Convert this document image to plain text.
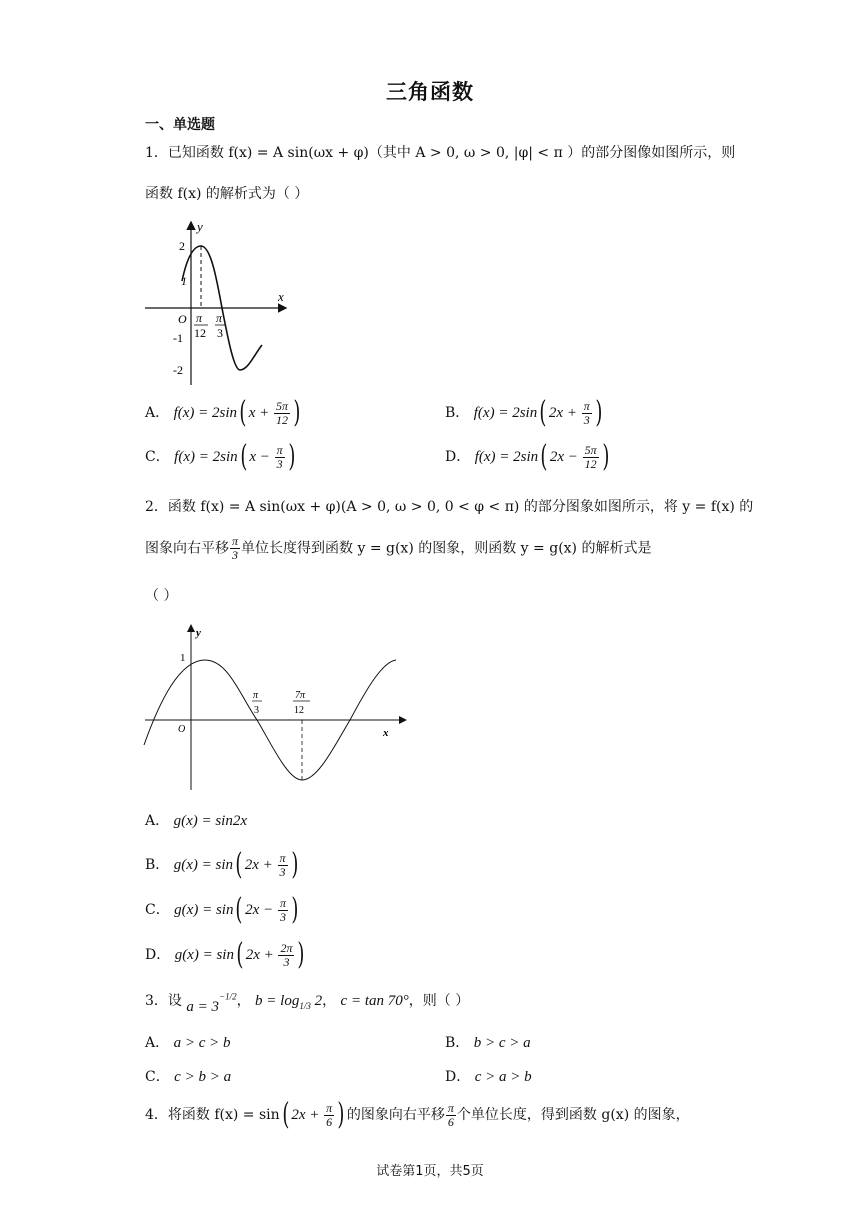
三角函数
一、单选题
1．已知函数 f(x) = A sin(ωx + φ)（其中 A > 0, ω > 0, |φ| < π ）的部分图像如图所示，则
函数 f(x) 的解析式为（ ）
x
y
O
2
1
-1
-2
π
12
π
3
A． f(x) = 2sin( $x + \frac{5\pi}{12}$ )	B． f(x) = 2sin( $2x + \frac{\pi}{3}$ )
C． f(x) = 2sin( $x - \frac{\pi}{3}$ )	D． f(x) = 2sin( $2x - \frac{5\pi}{12}$ )
2．函数 f(x) = A sin(ωx + φ)(A > 0, ω > 0, 0 < φ < π) 的部分图象如图所示，将 y = f(x) 的
图象向右平移 $\frac{\pi}{3}$ 单位长度得到函数 y = g(x) 的图象，则函数 y = g(x) 的解析式是
（ ）
x
y
O
1
π
3
7π
12
A． g(x) = sin2x
B． g(x) = sin( $2x + \frac{\pi}{3}$ )
C． g(x) = sin( $2x - \frac{\pi}{3}$ )
D． g(x) = sin( $2x + \frac{2\pi}{3}$ )
3．设 $a = 3^{-1/2}$， $b = \log_{1/3} 2$， c = tan 70°，则（ ）
A． a > c > b	B． b > c > a
C． c > b > a	D． c > a > b
4．将函数 f(x) = sin( $2x + \frac{\pi}{6}$ ) 的图象向右平移 $\frac{\pi}{6}$ 个单位长度，得到函数 g(x) 的图象，
试卷第1页，共5页
